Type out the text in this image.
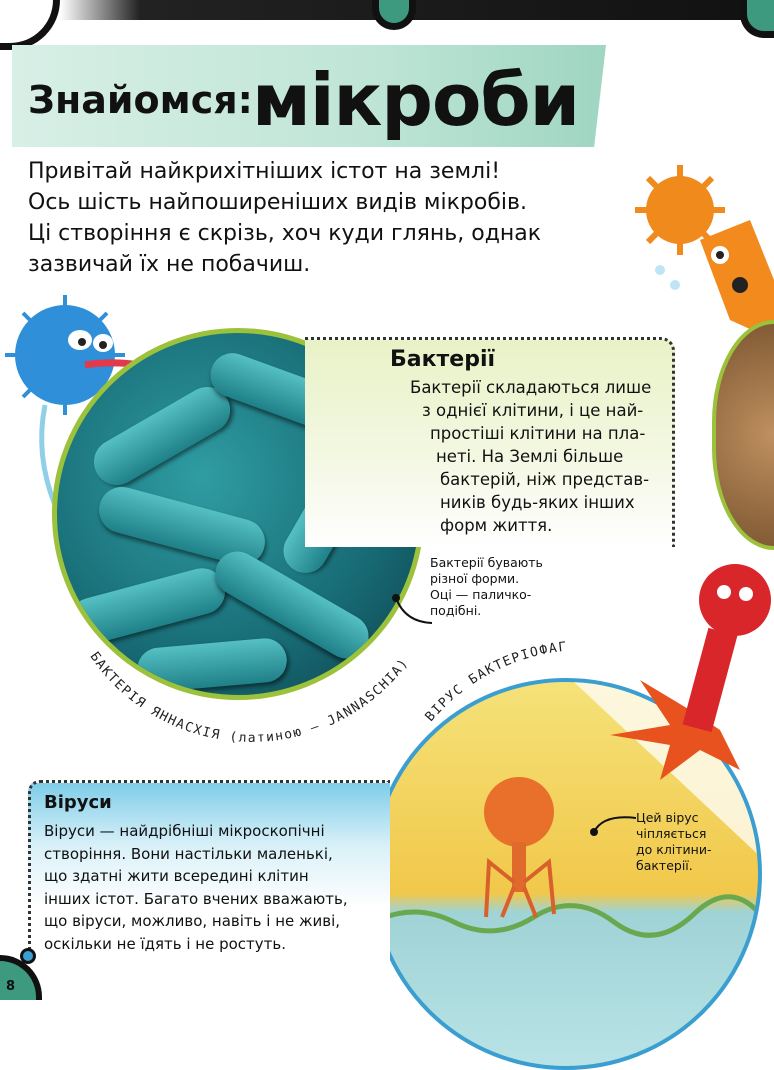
Знайомся: мікроби
Привітай найкрихітніших істот на землі!
Ось шість найпоширеніших видів мікробів.
Ці створіння є скрізь, хоч куди глянь, однак
зазвичай їх не побачиш.
БАКТЕРІЯ ЯННАСХІЯ (латиною — JANNASCHIA)
Бактерії
Бактерії складаються лише
з однієї клітини, і це най-
простіші клітини на пла-
неті. На Землі більше
бактерій, ніж представ-
ників будь-яких інших
форм життя.
Бактерії бувають
різної форми.
Оці — паличко-
подібні.
ВІРУС БАКТЕРІОФАГ
Цей вірус
чіпляється
до клітини-
бактерії.
Віруси
Віруси — найдрібніші мікроскопічні
створіння. Вони настільки маленькі,
що здатні жити всередині клітин
інших істот. Багато вчених вважають,
що віруси, можливо, навіть і не живі,
оскільки не їдять і не ростуть.
8
